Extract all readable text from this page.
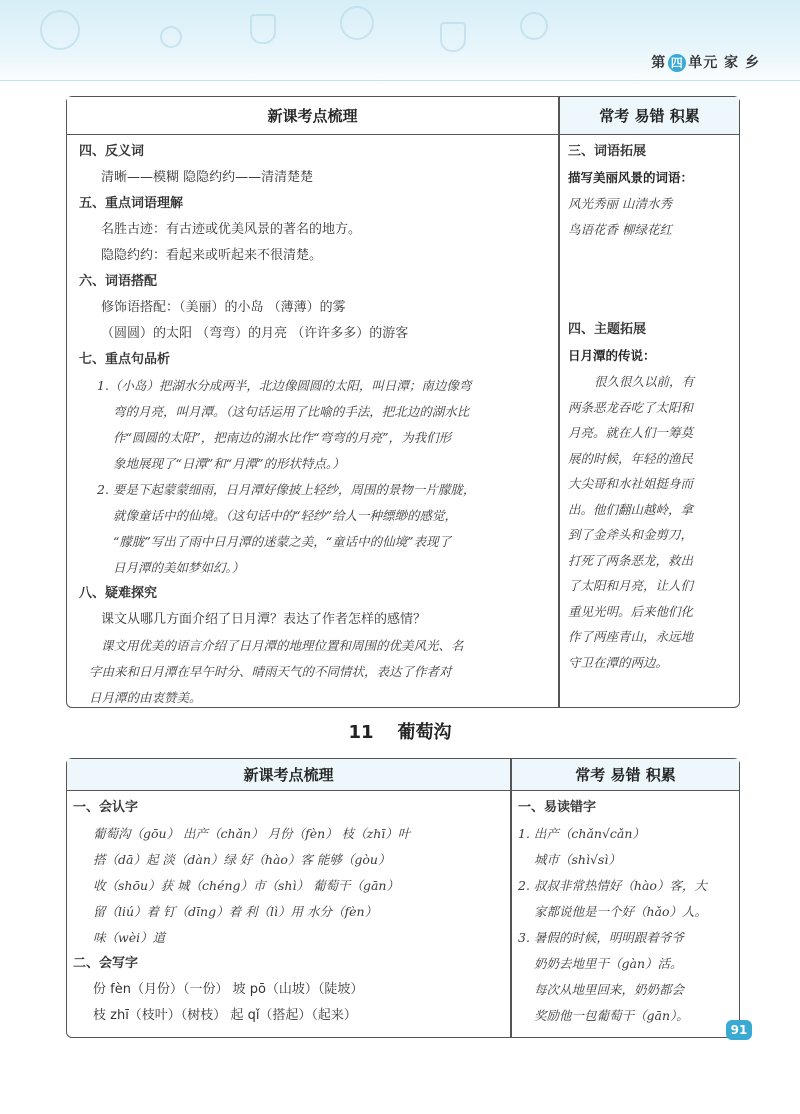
第 四 单元 家 乡
新课考点梳理
四、反义词
清晰——模糊 隐隐约约——清清楚楚
五、重点词语理解
名胜古迹：有古迹或优美风景的著名的地方。
隐隐约约：看起来或听起来不很清楚。
六、词语搭配
修饰语搭配：（美丽）的小岛 （薄薄）的雾
（圆圆）的太阳 （弯弯）的月亮 （许许多多）的游客
七、重点句品析
1.（小岛）把湖水分成两半，北边像圆圆的太阳，叫日潭；南边像弯
弯的月亮，叫月潭。（这句话运用了比喻的手法，把北边的湖水比
作“圆圆的太阳”，把南边的湖水比作“弯弯的月亮”，为我们形
象地展现了“日潭”和“月潭”的形状特点。）
2. 要是下起蒙蒙细雨，日月潭好像披上轻纱，周围的景物一片朦胧，
就像童话中的仙境。（这句话中的“轻纱”给人一种缥缈的感觉，
“朦胧”写出了雨中日月潭的迷蒙之美，“童话中的仙境”表现了
日月潭的美如梦如幻。）
八、疑难探究
课文从哪几方面介绍了日月潭？表达了作者怎样的感情？
课文用优美的语言介绍了日月潭的地理位置和周围的优美风光、名
字由来和日月潭在早午时分、晴雨天气的不同情状，表达了作者对
日月潭的由衷赞美。
常考 易错 积累
三、词语拓展
描写美丽风景的词语：
风光秀丽 山清水秀
鸟语花香 柳绿花红
四、主题拓展
日月潭的传说：
很久很久以前，有
两条恶龙吞吃了太阳和
月亮。就在人们一筹莫
展的时候，年轻的渔民
大尖哥和水社姐挺身而
出。他们翻山越岭，拿
到了金斧头和金剪刀，
打死了两条恶龙，救出
了太阳和月亮，让人们
重见光明。后来他们化
作了两座青山，永远地
守卫在潭的两边。
11 葡萄沟
新课考点梳理
一、会认字
葡萄沟（gōu） 出产（chǎn） 月份（fèn） 枝（zhī）叶
搭（dā）起 淡（dàn）绿 好（hào）客 能够（gòu）
收（shōu）获 城（chéng）市（shì） 葡萄干（gān）
留（liú）着 钉（dīng）着 利（lì）用 水分（fèn）
味（wèi）道
二、会写字
份 fèn（月份）（一份） 坡 pō（山坡）（陡坡）
枝 zhī（枝叶）（树枝） 起 qǐ（搭起）（起来）
常考 易错 积累
一、易读错字
1. 出产（chǎn√cǎn）
城市（shì√sì）
2. 叔叔非常热情好（hào）客，大
家都说他是一个好（hǎo）人。
3. 暑假的时候，明明跟着爷爷
奶奶去地里干（gàn）活。
每次从地里回来，奶奶都会
奖励他一包葡萄干（gān）。
91
